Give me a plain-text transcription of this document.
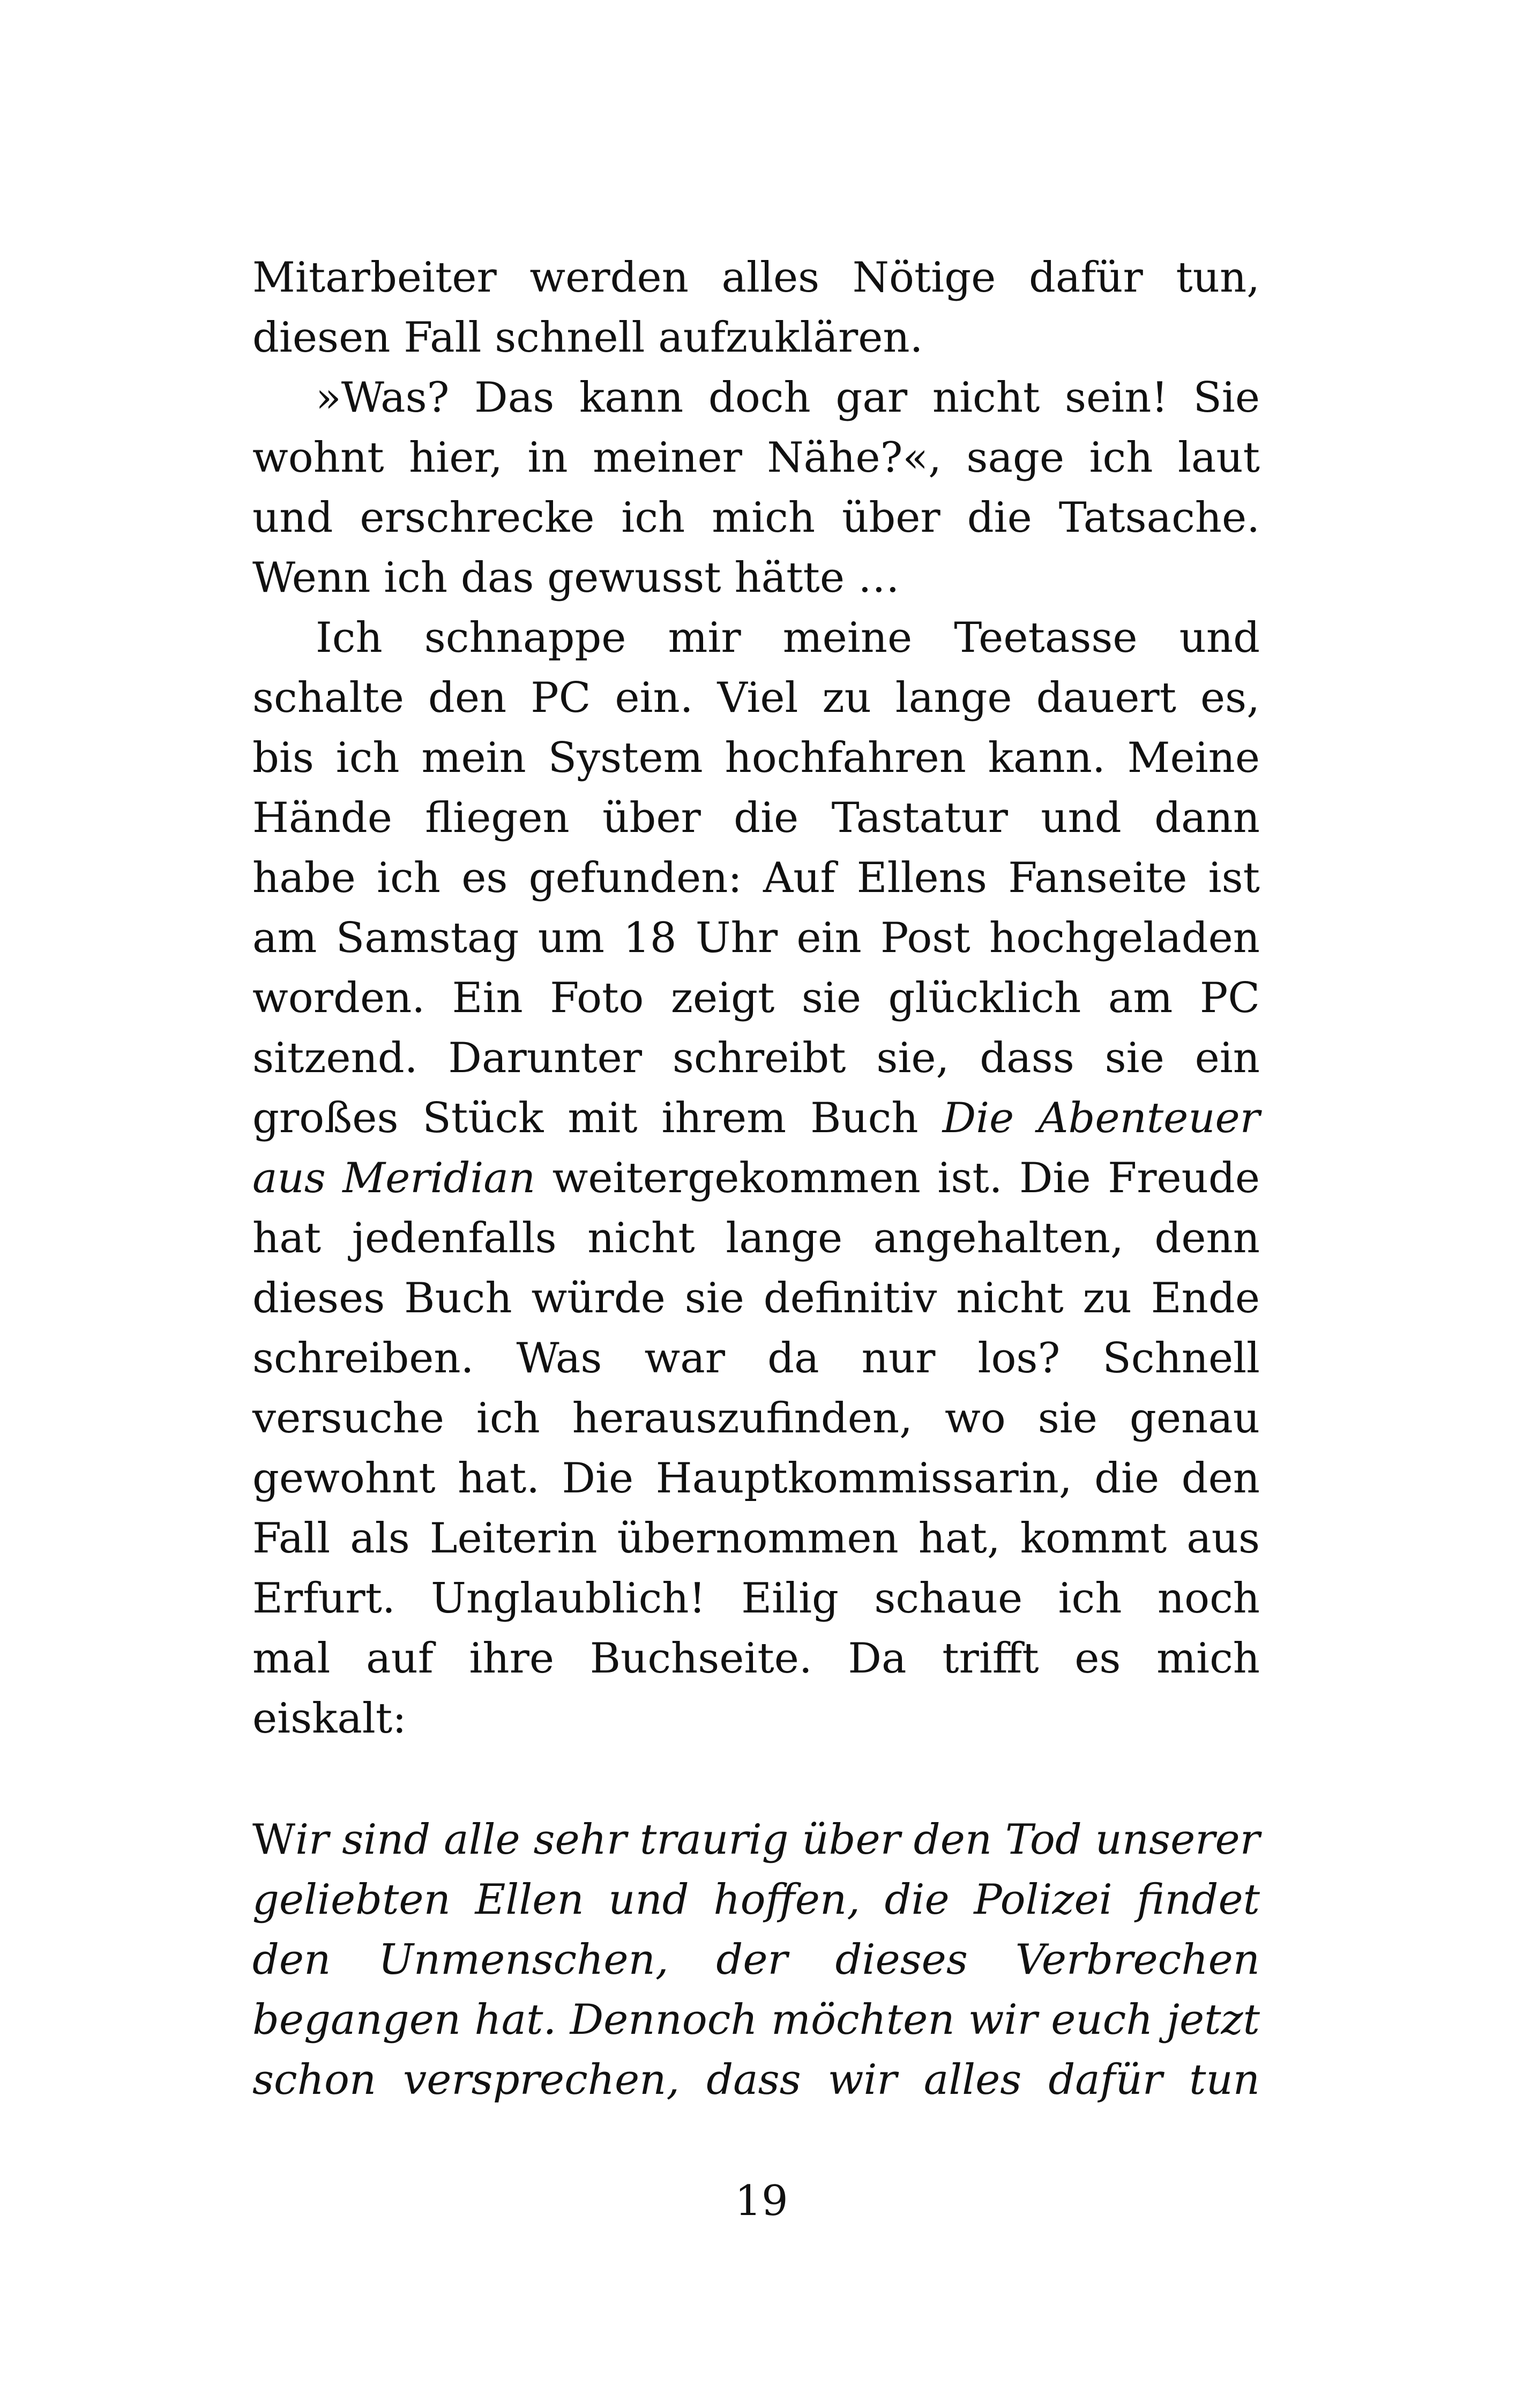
Mitarbeiter werden alles Nötige dafür tun,
diesen Fall schnell aufzuklären.
»Was? Das kann doch gar nicht sein! Sie
wohnt hier, in meiner Nähe?«, sage ich laut
und erschrecke ich mich über die Tatsache.
Wenn ich das gewusst hätte …
Ich schnappe mir meine Teetasse und
schalte den PC ein. Viel zu lange dauert es,
bis ich mein System hochfahren kann. Meine
Hände fliegen über die Tastatur und dann
habe ich es gefunden: Auf Ellens Fanseite ist
am Samstag um 18 Uhr ein Post hochgeladen
worden. Ein Foto zeigt sie glücklich am PC
sitzend. Darunter schreibt sie, dass sie ein
großes Stück mit ihrem Buch Die Abenteuer
aus Meridian weitergekommen ist. Die Freude
hat jedenfalls nicht lange angehalten, denn
dieses Buch würde sie definitiv nicht zu Ende
schreiben. Was war da nur los? Schnell
versuche ich herauszufinden, wo sie genau
gewohnt hat. Die Hauptkommissarin, die den
Fall als Leiterin übernommen hat, kommt aus
Erfurt. Unglaublich! Eilig schaue ich noch
mal auf ihre Buchseite. Da trifft es mich
eiskalt:
Wir sind alle sehr traurig über den Tod unserer
geliebten Ellen und hoffen, die Polizei findet
den Unmenschen, der dieses Verbrechen
begangen hat. Dennoch möchten wir euch jetzt
schon versprechen, dass wir alles dafür tun
19
